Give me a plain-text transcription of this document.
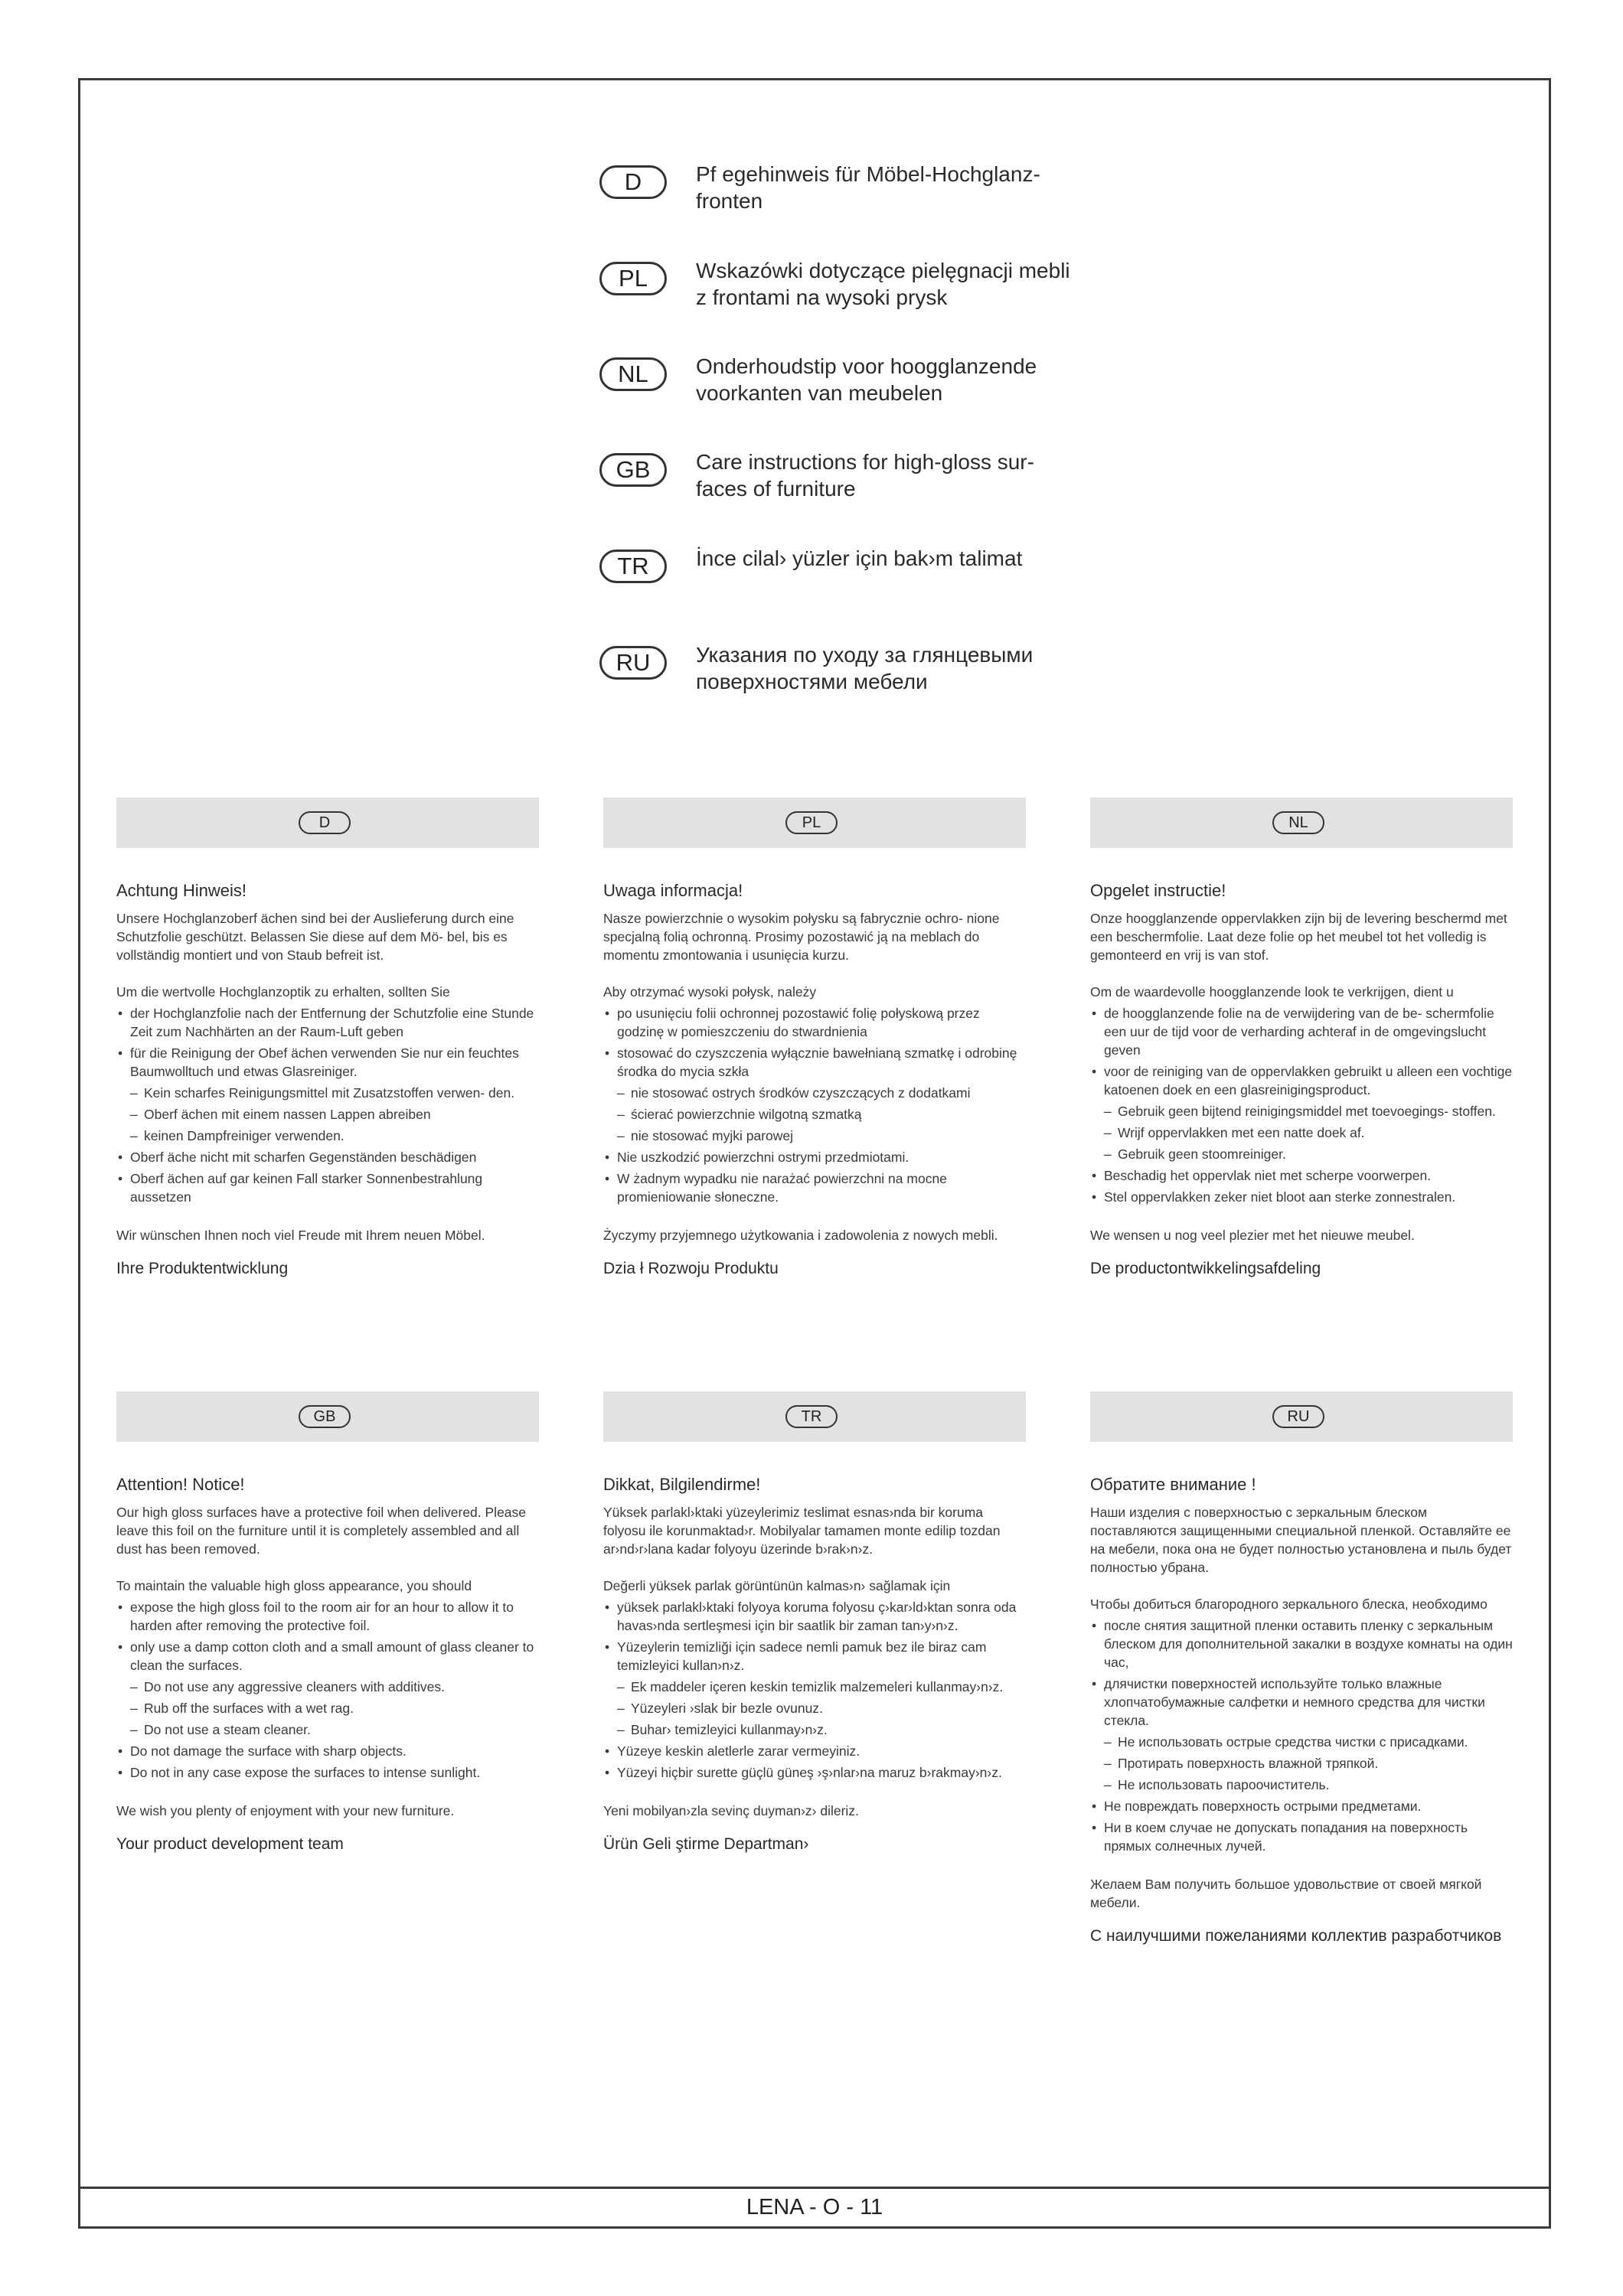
D	Pf egehinweis für Möbel-Hochglanz-
fronten
PL	Wskazówki dotyczące pielęgnacji mebli
z frontami na wysoki prysk
NL	Onderhoudstip voor hoogglanzende
voorkanten van meubelen
GB	Care instructions for high-gloss sur-
faces of furniture
TR	İnce cilal› yüzler için bak›m talimat
RU	Указания по уходу за глянцевыми
поверхностями мебели
D

Achtung Hinweis!

Unsere Hochglanzoberf ächen sind bei der Auslieferung durch eine Schutzfolie geschützt. Belassen Sie diese auf dem Mö- bel, bis es vollständig montiert und von Staub befreit ist.

Um die wertvolle Hochglanzoptik zu erhalten, sollten Sie

• der Hochglanzfolie nach der Entfernung der Schutzfolie eine Stunde Zeit zum Nachhärten an der Raum-Luft geben
• für die Reinigung der Obef ächen verwenden Sie nur ein feuchtes Baumwolltuch und etwas Glasreiniger.
– Kein scharfes Reinigungsmittel mit Zusatzstoffen verwen- den.
– Oberf ächen mit einem nassen Lappen abreiben
– keinen Dampfreiniger verwenden.
• Oberf äche nicht mit scharfen Gegenständen beschädigen
• Oberf ächen auf gar keinen Fall starker Sonnenbestrahlung aussetzen

Wir wünschen Ihnen noch viel Freude mit Ihrem neuen Möbel.

Ihre Produktentwicklung

PL

Uwaga informacja!

Nasze powierzchnie o wysokim połysku są fabrycznie ochro- nione specjalną folią ochronną. Prosimy pozostawić ją na meblach do momentu zmontowania i usunięcia kurzu.

Aby otrzymać wysoki połysk, należy

• po usunięciu folii ochronnej pozostawić folię połyskową przez godzinę w pomieszczeniu do stwardnienia
• stosować do czyszczenia wyłącznie bawełnianą szmatkę i odrobinę środka do mycia szkła
– nie stosować ostrych środków czyszczących z dodatkami
– ścierać powierzchnie wilgotną szmatką
– nie stosować myjki parowej
• Nie uszkodzić powierzchni ostrymi przedmiotami.
• W żadnym wypadku nie narażać powierzchni na mocne promieniowanie słoneczne.

Życzymy przyjemnego użytkowania i zadowolenia z nowych mebli.

Dzia ł Rozwoju Produktu

NL

Opgelet instructie!

Onze hoogglanzende oppervlakken zijn bij de levering beschermd met een beschermfolie. Laat deze folie op het meubel tot het volledig is gemonteerd en vrij is van stof.

Om de waardevolle hoogglanzende look te verkrijgen, dient u

• de hoogglanzende folie na de verwijdering van de be- schermfolie een uur de tijd voor de verharding achteraf in de omgevingslucht geven
• voor de reiniging van de oppervlakken gebruikt u alleen een vochtige katoenen doek en een glasreinigingsproduct.
– Gebruik geen bijtend reinigingsmiddel met toevoegings- stoffen.
– Wrijf oppervlakken met een natte doek af.
– Gebruik geen stoomreiniger.
• Beschadig het oppervlak niet met scherpe voorwerpen.
• Stel oppervlakken zeker niet bloot aan sterke zonnestralen.

We wensen u nog veel plezier met het nieuwe meubel.

De productontwikkelingsafdeling

GB

Attention! Notice!

Our high gloss surfaces have a protective foil when delivered. Please leave this foil on the furniture until it is completely assembled and all dust has been removed.

To maintain the valuable high gloss appearance, you should

• expose the high gloss foil to the room air for an hour to allow it to harden after removing the protective foil.
• only use a damp cotton cloth and a small amount of glass cleaner to clean the surfaces.
– Do not use any aggressive cleaners with additives.
– Rub off the surfaces with a wet rag.
– Do not use a steam cleaner.
• Do not damage the surface with sharp objects.
• Do not in any case expose the surfaces to intense sunlight.

We wish you plenty of enjoyment with your new furniture.

Your product development team

TR

Dikkat, Bilgilendirme!

Yüksek parlakl›ktaki yüzeylerimiz teslimat esnas›nda bir koruma folyosu ile korunmaktad›r. Mobilyalar tamamen monte edilip tozdan ar›nd›r›lana kadar folyoyu üzerinde b›rak›n›z.

Değerli yüksek parlak görüntünün kalmas›n› sağlamak için

• yüksek parlakl›ktaki folyoya koruma folyosu ç›kar›ld›ktan sonra oda havas›nda sertleşmesi için bir saatlik bir zaman tan›y›n›z.
• Yüzeylerin temizliği için sadece nemli pamuk bez ile biraz cam temizleyici kullan›n›z.
– Ek maddeler içeren keskin temizlik malzemeleri kullanmay›n›z.
– Yüzeyleri ›slak bir bezle ovunuz.
– Buhar› temizleyici kullanmay›n›z.
• Yüzeye keskin aletlerle zarar vermeyiniz.
• Yüzeyi hiçbir surette güçlü güneş ›ş›nlar›na maruz b›rakmay›n›z.

Yeni mobilyan›zla sevinç duyman›z› dileriz.

Ürün Geli ştirme Departman›

RU

Обратите внимание !

Наши изделия с поверхностью с зеркальным блеском поставляются защищенными специальной пленкой. Оставляйте ее на мебели, пока она не будет полностью установлена и пыль будет полностью убрана.

Чтобы добиться благородного зеркального блеска, необходимо

• после снятия защитной пленки оставить пленку с зеркальным блеском для дополнительной закалки в воздухе комнаты на один час,
• длячистки поверхностей используйте только влажные хлопчатобумажные салфетки и немного средства для чистки стекла.
– Не использовать острые средства чистки с присадками.
– Протирать поверхность влажной тряпкой.
– Не использовать пароочиститель.
• Не повреждать поверхность острыми предметами.
• Ни в коем случае не допускать попадания на поверхность прямых солнечных лучей.

Желаем Вам получить большое удовольствие от своей мягкой мебели.

С наилучшими пожеланиями коллектив разработчиков

LENA - O - 11
